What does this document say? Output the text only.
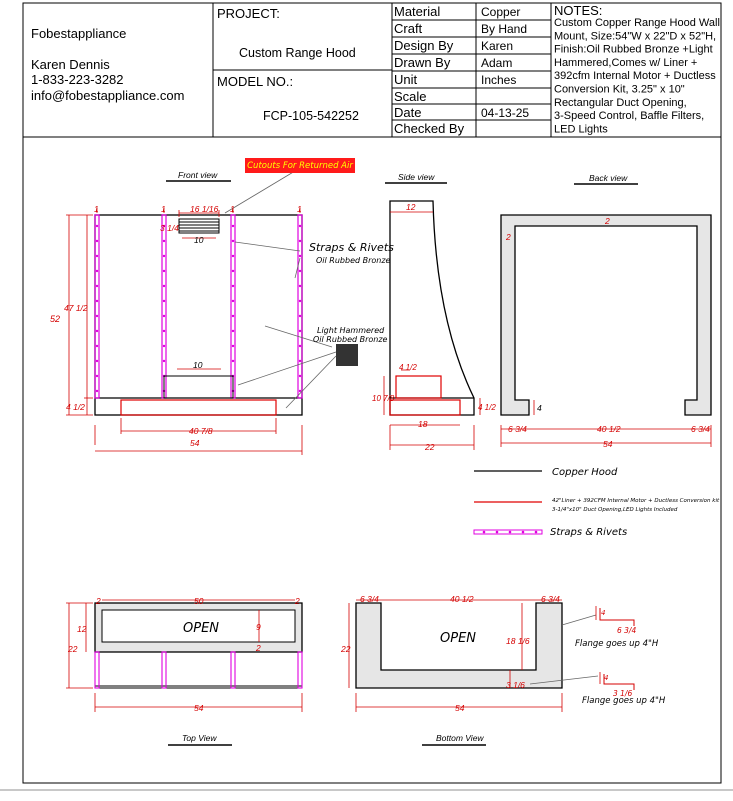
Fobestappliance
Karen Dennis
1-833-223-3282
info@fobestappliance.com
PROJECT:
Custom Range Hood
MODEL NO.:
FCP-105-542252
Material	Copper
Craft	By Hand
Design By Karen
Drawn By	Adam
Unit	Inches
Scale
Date	04-13-25
Checked By
NOTES:
Custom Copper Range Hood Wall
Mount, Size:54"W x 22"D x 52"H,
Finish:Oil Rubbed Bronze +Light
Hammered,Comes w/ Liner +
392cfm Internal Motor + Ductless
Conversion Kit, 3.25" x 10"
Rectangular Duct Opening,
3-Speed Control, Baffle Filters,
LED Lights
Front view	Side view	Back view
Top View	Bottom View
Cutouts For Returned Air
Straps & Rivets
Oil Rubbed Bronze
Light Hammered
Oil Rubbed Bronze
52
47 1/2
4 1/2
54
40 7/8
16 1/16
3 1/4
10
10
1	1	1	1	12
10 7/8
4 1/2
18
4 1/2
22
2
2
4
6 3/4	40 1/2	6 3/4
54
Copper Hood
42"Liner + 392CFM Internal Motor + Ductless Conversion kit
3-1/4"x10" Duct Opening,LED Lights Included
Straps & Rivets
OPEN
2	2
50
12
22
9
2
54
OPEN
6 3/4	6 3/4
40 1/2
22
18 1/6
3 1/6
54
4
6 3/4
Flange goes up 4"H
4
3 1/6
Flange goes up 4"H
